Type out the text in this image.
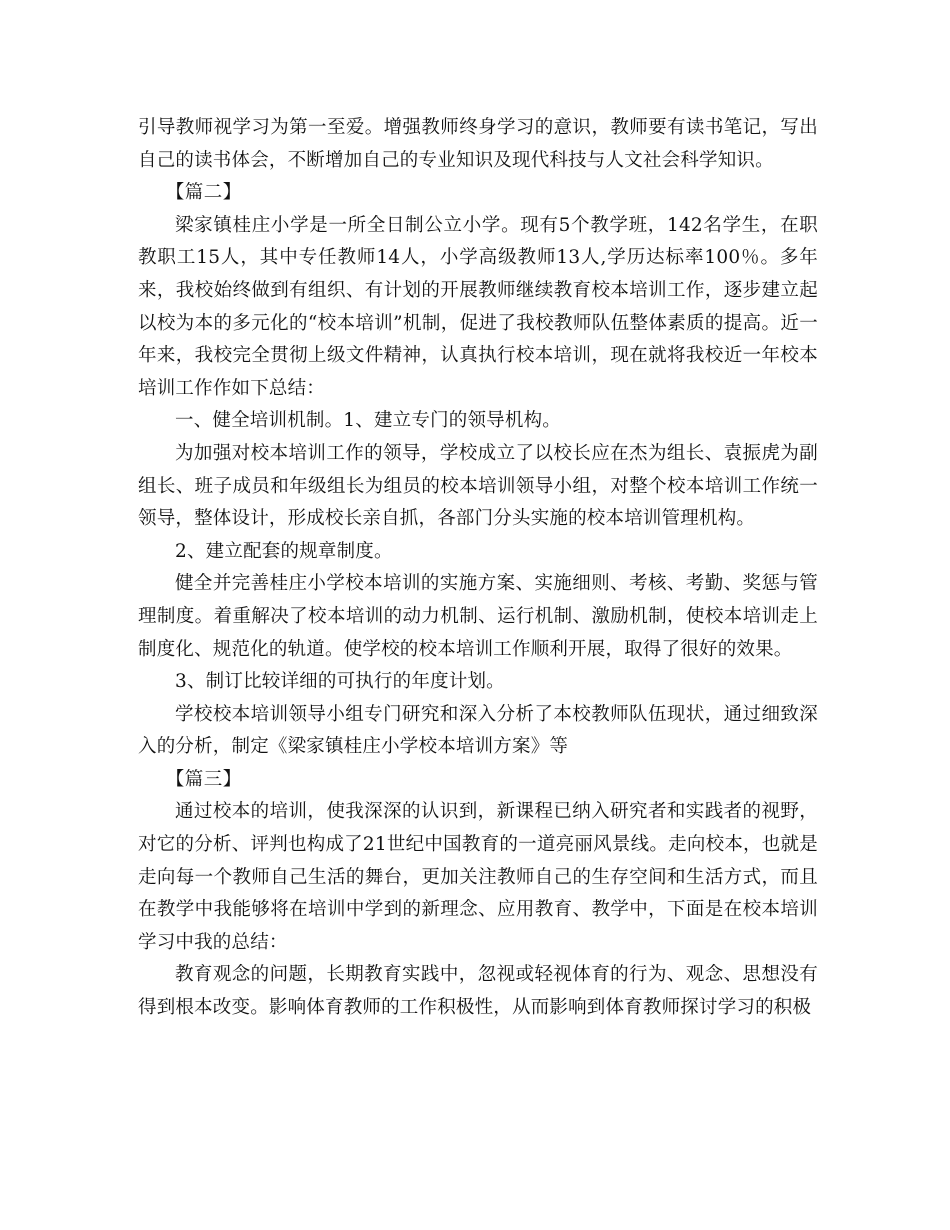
引导教师视学习为第一至爱。增强教师终身学习的意识，教师要有读书笔记，写出自己的读书体会，不断增加自己的专业知识及现代科技与人文社会科学知识。

【篇二】

梁家镇桂庄小学是一所全日制公立小学。现有5个教学班，142名学生，在职教职工15人，其中专任教师14人，小学高级教师13人,学历达标率100％。多年来，我校始终做到有组织、有计划的开展教师继续教育校本培训工作，逐步建立起以校为本的多元化的“校本培训”机制，促进了我校教师队伍整体素质的提高。近一年来，我校完全贯彻上级文件精神，认真执行校本培训，现在就将我校近一年校本培训工作作如下总结：

一、健全培训机制。1、建立专门的领导机构。

为加强对校本培训工作的领导，学校成立了以校长应在杰为组长、袁振虎为副组长、班子成员和年级组长为组员的校本培训领导小组，对整个校本培训工作统一领导，整体设计，形成校长亲自抓，各部门分头实施的校本培训管理机构。

2、建立配套的规章制度。

健全并完善桂庄小学校本培训的实施方案、实施细则、考核、考勤、奖惩与管理制度。着重解决了校本培训的动力机制、运行机制、激励机制，使校本培训走上制度化、规范化的轨道。使学校的校本培训工作顺利开展，取得了很好的效果。

3、制订比较详细的可执行的年度计划。

学校校本培训领导小组专门研究和深入分析了本校教师队伍现状，通过细致深入的分析，制定《梁家镇桂庄小学校本培训方案》等

【篇三】

通过校本的培训，使我深深的认识到，新课程已纳入研究者和实践者的视野，对它的分析、评判也构成了21世纪中国教育的一道亮丽风景线。走向校本，也就是走向每一个教师自己生活的舞台，更加关注教师自己的生存空间和生活方式，而且在教学中我能够将在培训中学到的新理念、应用教育、教学中，下面是在校本培训学习中我的总结：

教育观念的问题，长期教育实践中，忽视或轻视体育的行为、观念、思想没有得到根本改变。影响体育教师的工作积极性，从而影响到体育教师探讨学习的积极
